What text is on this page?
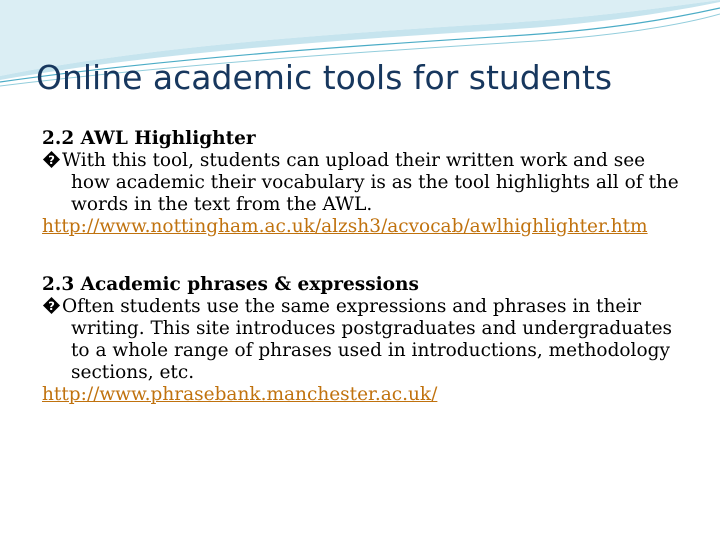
Online academic tools for students
2.2 AWL Highlighter
? With this tool, students can upload their written work and see how academic their vocabulary is as the tool highlights all of the words in the text from the AWL.
http://www.nottingham.ac.uk/alzsh3/acvocab/awlhighlighter.htm
2.3 Academic phrases & expressions
? Often students use the same expressions and phrases in their writing. This site introduces postgraduates and undergraduates to a whole range of phrases used in introductions, methodology sections, etc.
http://www.phrasebank.manchester.ac.uk/
